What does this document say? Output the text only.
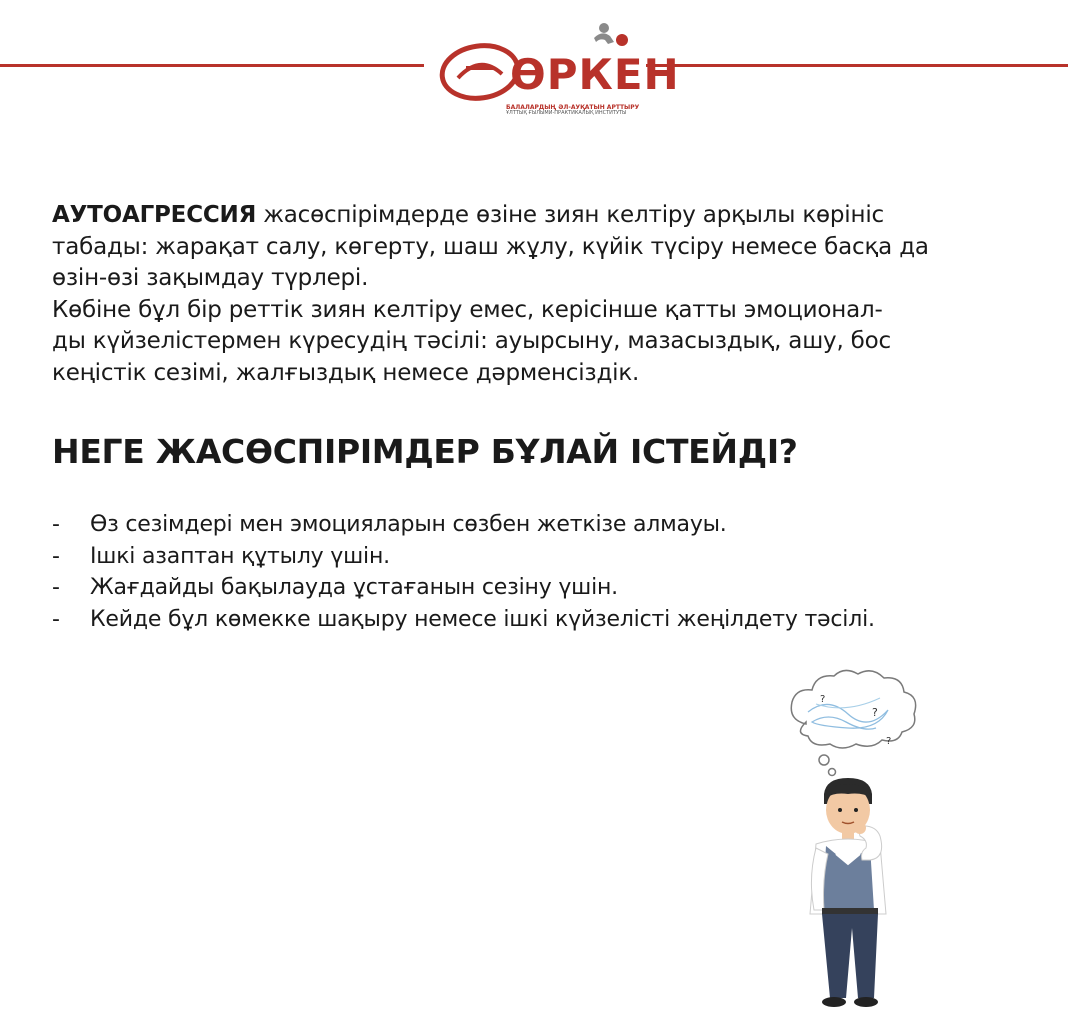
ӨРКЕН
БАЛАЛАРДЫҢ ӘЛ-АУҚАТЫН АРТТЫРУ
ҰЛТТЫҚ ҒЫЛЫМИ-ПРАКТИКАЛЫҚ ИНСТИТУТЫ

АУТОАГРЕССИЯ жасөспірімдерде өзіне зиян келтіру арқылы көрініс

табады: жарақат салу, көгерту, шаш жұлу, күйік түсіру немесе басқа да

өзін-өзі зақымдау түрлері.

Көбіне бұл бір реттік зиян келтіру емес, керісінше қатты эмоционал-

ды күйзелістермен күресудің тәсілі: ауырсыну, мазасыздық, ашу, бос

кеңістік сезімі, жалғыздық немесе дәрменсіздік.

НЕГЕ ЖАСӨСПІРІМДЕР БҰЛАЙ ІСТЕЙДІ?
- Өз сезімдері мен эмоцияларын сөзбен жеткізе алмауы.
- Ішкі азаптан құтылу үшін.
- Жағдайды бақылауда ұстағанын сезіну үшін.
- Кейде бұл көмекке шақыру немесе ішкі күйзелісті жеңілдету тәсілі.
?
?
?
